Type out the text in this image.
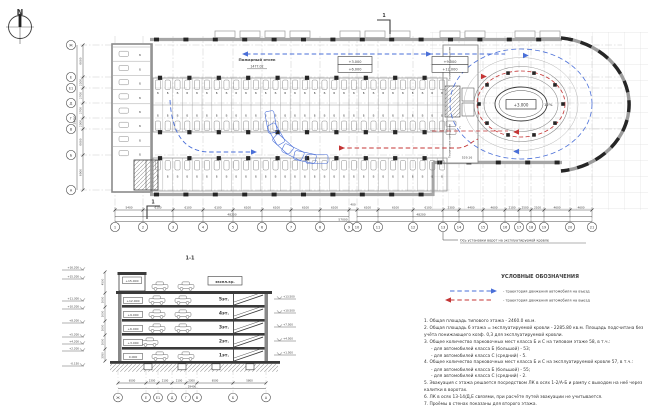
1	2	3	4	5	6	7	8	9 10	11	12	13	14	15	16	17 18 19	20	21
Ж
Е
Е1
Д
Г
В
Б
А
С
Б
Б
Б
Б
Б
Б
Б
Б
Б
Б
Б
Б
Б
Б
Б
Б
Б
Б
Б
Б
Б
Б
Б
Б
Б
Б
Б
Б
Б
Б
Б
Б
Б
Б
Б
Б
Б
Б
Б
Б
Б
Б
Б
Б
Б
Б
Б
Б
Б
Б
Б
Б
Б
Б
Б
Б
Б
Б
Б
Б
Б
Б
Б
Б
Б
Б
Б
Б
Б
Б
Б
Б
Б
Б
Б
Б
Б
Б
Б
Б
Б
Б
Б
Б
Б
Б
Б
Б
Б
Б
Б
Б
Б
Б
Б
Б
Б
Б
5400	6100	6100	6100	6100	6100	6100	6100
400
6100	6100	6100	2300	4400	4600	2100 2500 2100	4600	4600
48200	48200
57000
6000
2200
2700
2700
2300
6600
6000
29400
5эт.
+12.000
4эт.
+9.000
3эт.
+6.000
2эт.
+3.000
1эт.
0.000
+16.200
+15.200
+11.300
+10.200
+8.200
+5.200
+4.200
+2.200
-0.150
+13.500
+10.500
+7.500
+4.500
+1.500
4500
3000
3000
3000
3000
3050
Ж	Е	Е1	Д	Г	В	Б	А
6500	2300 2100	2100 2300	6500	5800
29400
- траектория движения автомобиля на въезд
- траектория движения автомобиля на выезд
N
Пожарный отсек
1477.02
+3.000
+6.000
+9.000
+12.000
+3.000	12%
529.16
Техническое помещение
Техническое помещение
Ось установки ворот на эксплуатируемой кровле
1
1
1-1
экспл.кр.
+15.000
УСЛОВНЫЕ ОБОЗНАЧЕНИЯ
1. Общая площадь типового этажа - 2460.0 кв.м.
2. Общая площадь 6 этажа = эксплуатируемой кровли - 2285.80 кв.м. Площадь подсчитана без учёта понижающего коэф. 0,3 для эксплуатируемой кровли.
3. Общее количество парковочных мест класса Б и С на типовом этаже 58, в т.ч.:
- для автомобилей класса Б (большой) - 53;
- для автомобилей класса С (средний) - 5.
4. Общее количество парковочных мест класса Б и С на эксплуатируемой кровле 57, в т.ч.:
- для автомобилей класса Б (большой) - 55;
- для автомобилей класса С (средний) - 2.
5. Эвакуация с этажа решается посредством ЛК в осях 1-2/А-Б и рампу с выходом на неё через калитки в воротах.
6. ЛК в осях 13-14/Д,Е связями, при расчёте путей эвакуации не учитывается.
7. Проёмы в стенах показаны для второго этажа.
